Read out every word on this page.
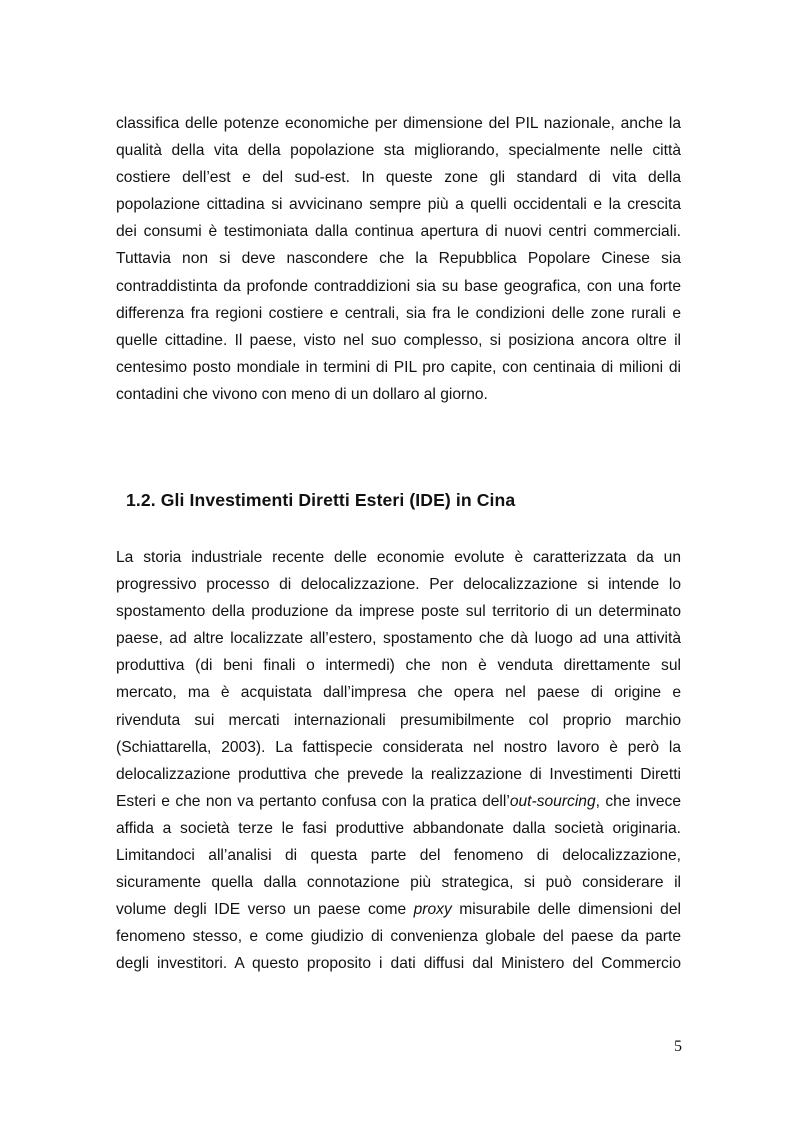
classifica delle potenze economiche per dimensione del PIL nazionale, anche la
qualità della vita della popolazione sta migliorando, specialmente nelle città
costiere dell’est e del sud-est. In queste zone gli standard di vita della
popolazione cittadina si avvicinano sempre più a quelli occidentali e la crescita
dei consumi è testimoniata dalla continua apertura di nuovi centri commerciali.
Tuttavia non si deve nascondere che la Repubblica Popolare Cinese sia
contraddistinta da profonde contraddizioni sia su base geografica, con una forte
differenza fra regioni costiere e centrali, sia fra le condizioni delle zone rurali e
quelle cittadine. Il paese, visto nel suo complesso, si posiziona ancora oltre il
centesimo posto mondiale in termini di PIL pro capite, con centinaia di milioni di
contadini che vivono con meno di un dollaro al giorno.
1.2. Gli Investimenti Diretti Esteri (IDE) in Cina
La storia industriale recente delle economie evolute è caratterizzata da un
progressivo processo di delocalizzazione. Per delocalizzazione si intende lo
spostamento della produzione da imprese poste sul territorio di un determinato
paese, ad altre localizzate all’estero, spostamento che dà luogo ad una attività
produttiva (di beni finali o intermedi) che non è venduta direttamente sul
mercato, ma è acquistata dall’impresa che opera nel paese di origine e
rivenduta sui mercati internazionali presumibilmente col proprio marchio
(Schiattarella, 2003). La fattispecie considerata nel nostro lavoro è però la
delocalizzazione produttiva che prevede la realizzazione di Investimenti Diretti
Esteri e che non va pertanto confusa con la pratica dell’out-sourcing, che invece
affida a società terze le fasi produttive abbandonate dalla società originaria.
Limitandoci all’analisi di questa parte del fenomeno di delocalizzazione,
sicuramente quella dalla connotazione più strategica, si può considerare il
volume degli IDE verso un paese come proxy misurabile delle dimensioni del
fenomeno stesso, e come giudizio di convenienza globale del paese da parte
degli investitori. A questo proposito i dati diffusi dal Ministero del Commercio
5
